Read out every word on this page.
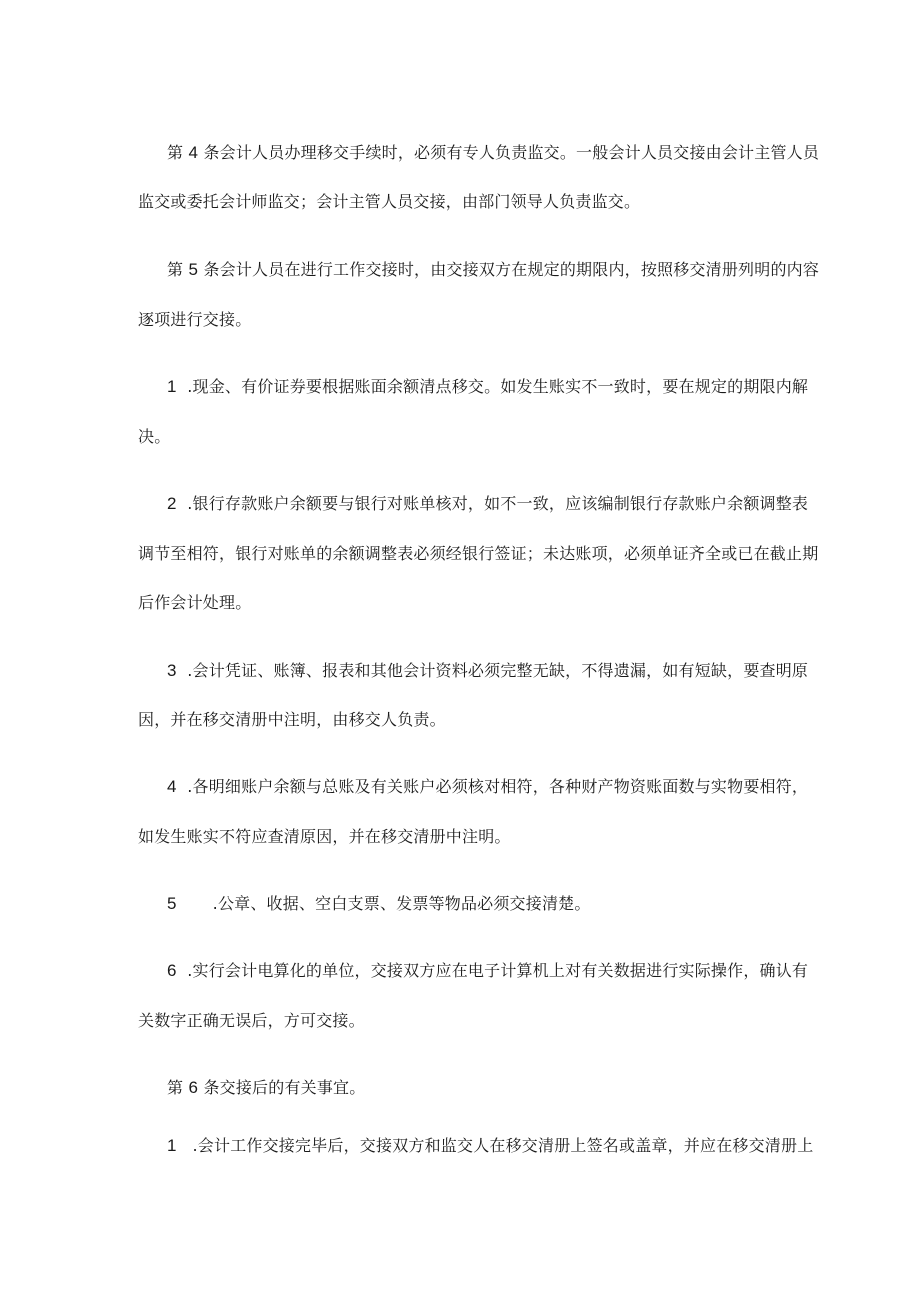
第 4 条会计人员办理移交手续时，必须有专人负责监交。一般会计人员交接由会计主管人员
监交或委托会计师监交；会计主管人员交接，由部门领导人负责监交。
第 5 条会计人员在进行工作交接时，由交接双方在规定的期限内，按照移交清册列明的内容
逐项进行交接。
1 .现金、有价证券要根据账面余额清点移交。如发生账实不一致时，要在规定的期限内解
决。
2 .银行存款账户余额要与银行对账单核对，如不一致，应该编制银行存款账户余额调整表
调节至相符，银行对账单的余额调整表必须经银行签证；未达账项，必须单证齐全或已在截止期
后作会计处理。
3 .会计凭证、账簿、报表和其他会计资料必须完整无缺，不得遗漏，如有短缺，要查明原
因，并在移交清册中注明，由移交人负责。
4 .各明细账户余额与总账及有关账户必须核对相符，各种财产物资账面数与实物要相符，
如发生账实不符应查清原因，并在移交清册中注明。
5 .公章、收据、空白支票、发票等物品必须交接清楚。
6 .实行会计电算化的单位，交接双方应在电子计算机上对有关数据进行实际操作，确认有
关数字正确无误后，方可交接。
第 6 条交接后的有关事宜。
1 .会计工作交接完毕后，交接双方和监交人在移交清册上签名或盖章，并应在移交清册上
